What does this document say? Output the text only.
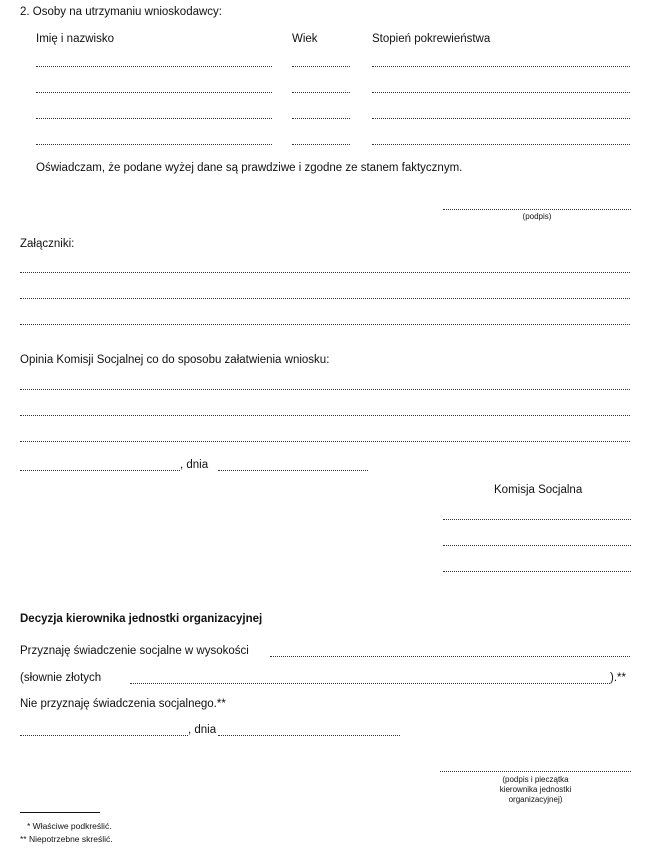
2. Osoby na utrzymaniu wnioskodawcy:
Imię i nazwisko	Wiek	Stopień pokrewieństwa
Oświadczam, że podane wyżej dane są prawdziwe i zgodne ze stanem faktycznym.
(podpis)
Załączniki:
Opinia Komisji Socjalnej co do sposobu załatwienia wniosku:
, dnia
Komisja Socjalna
Decyzja kierownika jednostki organizacyjnej
Przyznaję świadczenie socjalne w wysokości
(słownie złotych	).**
Nie przyznaję świadczenia socjalnego.**
, dnia
(podpis i pieczątka
kierownika jednostki
organizacyjnej)
* Właściwe podkreślić.
** Niepotrzebne skreślić.
